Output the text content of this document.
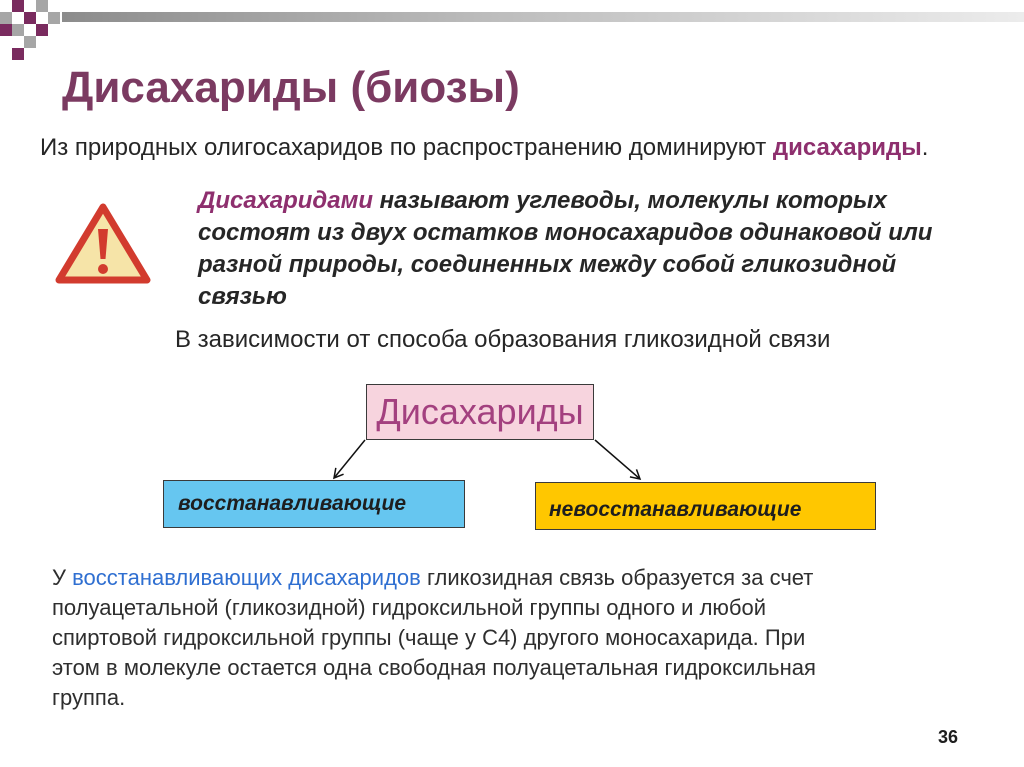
Дисахариды (биозы)
Из природных олигосахаридов по распространению доминируют дисахариды.
Дисахаридами называют углеводы, молекулы которых
состоят из двух остатков моносахаридов одинаковой или
разной природы, соединенных между собой гликозидной
связью
В зависимости от способа образования гликозидной связи
Дисахариды
восстанавливающие	невосстанавливающие
У восстанавливающих дисахаридов гликозидная связь образуется за счет
полуацетальной (гликозидной) гидроксильной группы одного и любой
спиртовой гидроксильной группы (чаще у С4) другого моносахарида. При
этом в молекуле остается одна свободная полуацетальная гидроксильная
группа.
36
